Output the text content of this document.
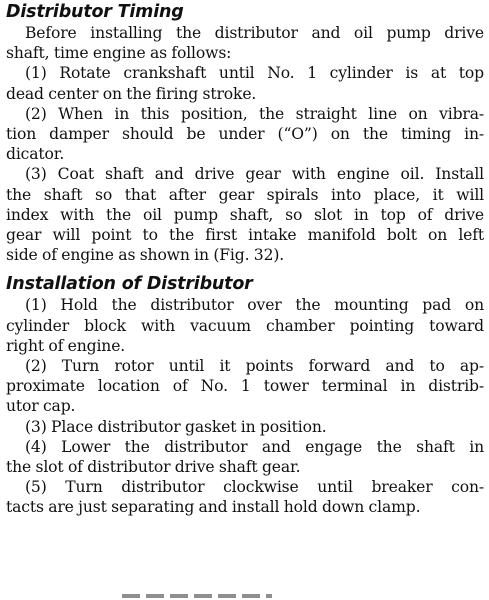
Distributor Timing

Before installing the distributor and oil pump drive
shaft, time engine as follows:

(1) Rotate crankshaft until No. 1 cylinder is at top
dead center on the firing stroke.

(2) When in this position, the straight line on vibra-
tion damper should be under (“O”) on the timing in-
dicator.

(3) Coat shaft and drive gear with engine oil. Install
the shaft so that after gear spirals into place, it will
index with the oil pump shaft, so slot in top of drive
gear will point to the first intake manifold bolt on left
side of engine as shown in (Fig. 32).

Installation of Distributor

(1) Hold the distributor over the mounting pad on
cylinder block with vacuum chamber pointing toward
right of engine.

(2) Turn rotor until it points forward and to ap-
proximate location of No. 1 tower terminal in distrib-
utor cap.

(3) Place distributor gasket in position.

(4) Lower the distributor and engage the shaft in
the slot of distributor drive shaft gear.

(5) Turn distributor clockwise until breaker con-
tacts are just separating and install hold down clamp.
